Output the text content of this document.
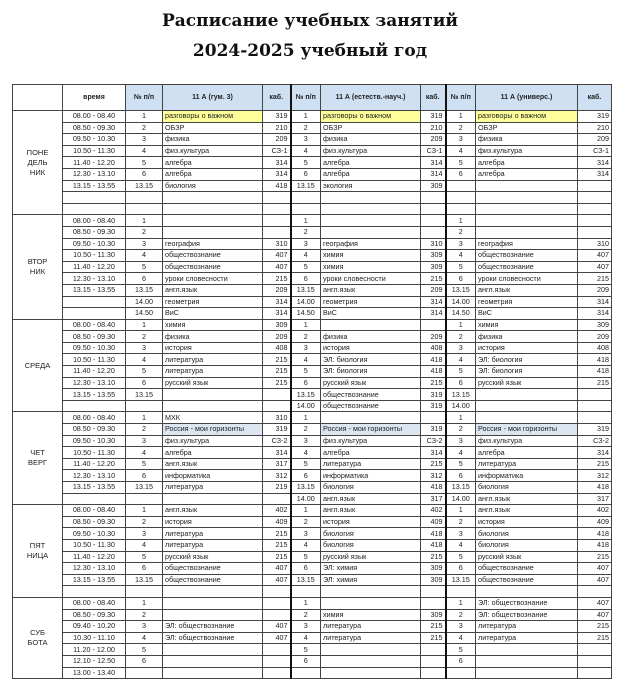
Расписание учебных занятий
2024-2025 учебный год
	время	№ п/п	11 А (гум. 3)	каб.	№ п/п	11 А (естеств.-науч.)	каб.	№ п/п	11 А (универс.)	каб.
ПОНЕ
ДЕЛЬ
НИК	08.00 - 08.40	1	разговоры о важном	319	1	разговоры о важном	319	1	разговоры о важном	319
	08.50 - 09.30	2	ОБЗР	210	2	ОБЗР	210	2	ОБЗР	210
	09.50 - 10.30	3	физика	209	3	физика	209	3	физика	209
	10.50 - 11.30	4	физ.культура	СЗ-1	4	физ.культура	СЗ-1	4	физ.культура	СЗ-1
	11.40 - 12.20	5	алгебра	314	5	алгебра	314	5	алгебра	314
	12.30 - 13.10	6	алгебра	314	6	алгебра	314	6	алгебра	314
	13.15 - 13.55	13.15	биология	418	13.15	экология	309			

ВТОР
НИК	08.00 - 08.40	1			1			1		
	08.50 - 09.30	2			2			2		
	09.50 - 10.30	3	география	310	3	география	310	3	география	310
	10.50 - 11.30	4	обществознание	407	4	химия	309	4	обществознание	407
	11.40 - 12.20	5	обществознание	407	5	химия	309	5	обществознание	407
	12.30 - 13.10	6	уроки словесности	215	6	уроки словесности	215	6	уроки словесности	215
	13.15 - 13.55	13.15	англ.язык	209	13.15	англ.язык	209	13.15	англ.язык	209
		14.00	геометрия	314	14.00	геометрия	314	14.00	геометрия	314
		14.50	ВиС	314	14.50	ВиС	314	14.50	ВиС	314
СРЕДА	08.00 - 08.40	1	химия	309	1			1	химия	309
	08.50 - 09.30	2	физика	209	2	физика	209	2	физика	209
	09.50 - 10.30	3	история	408	3	история	408	3	история	408
	10.50 - 11.30	4	литература	215	4	ЭЛ: биология	418	4	ЭЛ: биология	418
	11.40 - 12.20	5	литература	215	5	ЭЛ: биология	418	5	ЭЛ: биология	418
	12.30 - 13.10	6	русский язык	215	6	русский язык	215	6	русский язык	215
	13.15 - 13.55	13.15			13.15	обществознание	319	13.15		
					14.00	обществознание	319	14.00		
ЧЕТ
ВЕРГ	08.00 - 08.40	1	МХК	310	1			1		
	08.50 - 09.30	2	Россия - мои горизонты	319	2	Россия - мои горизонты	319	2	Россия - мои горизонты	319
	09.50 - 10.30	3	физ.культура	СЗ-2	3	физ.культура	СЗ-2	3	физ.культура	СЗ-2
	10.50 - 11.30	4	алгебра	314	4	алгебра	314	4	алгебра	314
	11.40 - 12.20	5	англ.язык	317	5	литература	215	5	литература	215
	12.30 - 13.10	6	информатика	312	6	информатика	312	6	информатика	312
	13.15 - 13.55	13.15	литература	219	13.15	биология	418	13.15	биология	418
					14.00	англ.язык	317	14.00	англ.язык	317
ПЯТ
НИЦА	08.00 - 08.40	1	англ.язык	402	1	англ.язык	402	1	англ.язык	402
	08.50 - 09.30	2	история	409	2	история	409	2	история	409
	09.50 - 10.30	3	литература	215	3	биология	418	3	биология	418
	10.50 - 11.30	4	литература	215	4	биология	418	4	биология	418
	11.40 - 12.20	5	русский язык	215	5	русский язык	215	5	русский язык	215
	12.30 - 13.10	6	обществознание	407	6	ЭЛ: химия	309	6	обществознание	407
	13.15 - 13.55	13.15	обществознание	407	13.15	ЭЛ: химия	309	13.15	обществознание	407

СУБ
БОТА	08.00 - 08.40	1			1			1	ЭЛ: обществознание	407
	08.50 - 09.30	2			2	химия	309	2	ЭЛ: обществознание	407
	09.40 - 10.20	3	ЭЛ: обществознание	407	3	литература	215	3	литература	215
	10.30 - 11.10	4	ЭЛ: обществознание	407	4	литература	215	4	литература	215
	11.20 - 12.00	5			5			5		
	12.10 - 12.50	6			6			6		
	13.00 - 13.40									
